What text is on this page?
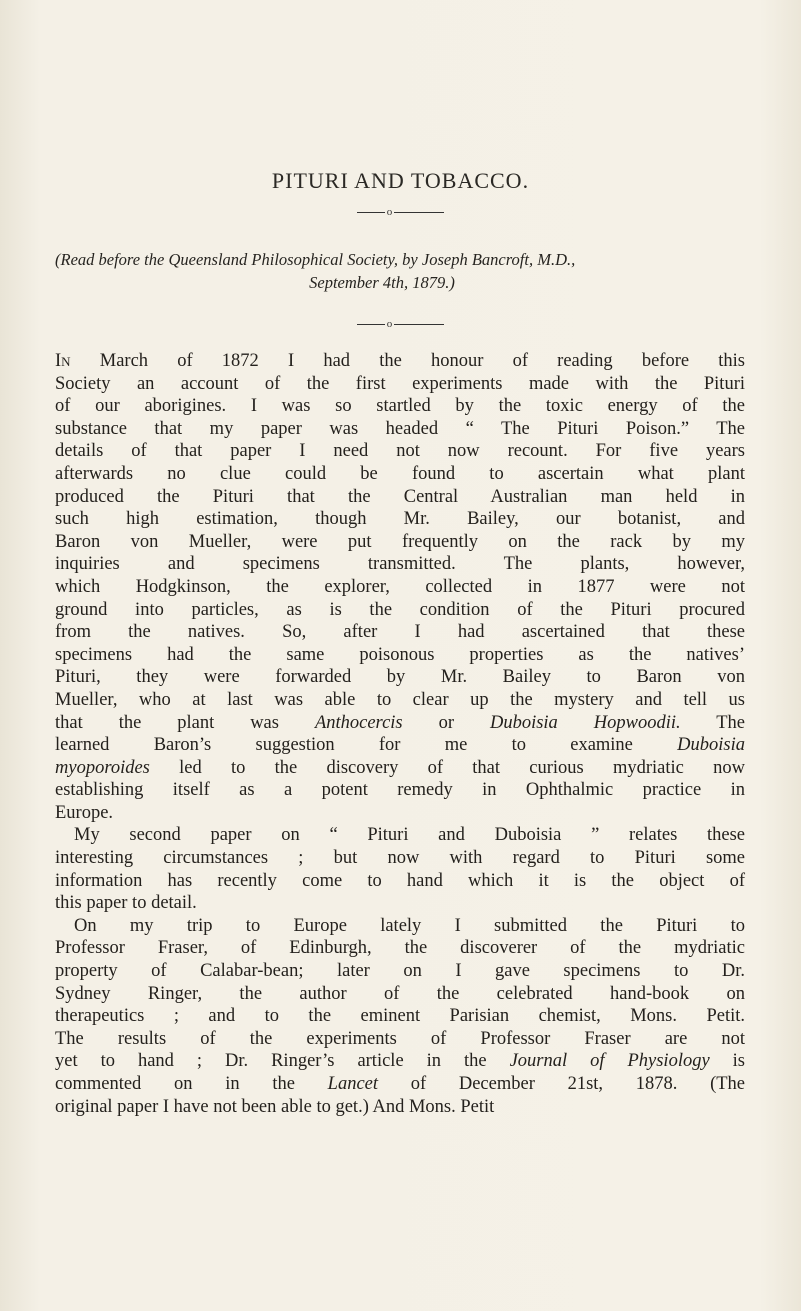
PITURI AND TOBACCO.
o
(Read before the Queensland Philosophical Society, by Joseph Bancroft, M.D.,
September 4th, 1879.)
o
In March of 1872 I had the honour of reading before this
Society an account of the first experiments made with the Pituri
of our aborigines. I was so startled by the toxic energy of the
substance that my paper was headed “ The Pituri Poison.” The
details of that paper I need not now recount. For five years
afterwards no clue could be found to ascertain what plant
produced the Pituri that the Central Australian man held in
such high estimation, though Mr. Bailey, our botanist, and
Baron von Mueller, were put frequently on the rack by my
inquiries and specimens transmitted. The plants, however,
which Hodgkinson, the explorer, collected in 1877 were not
ground into particles, as is the condition of the Pituri procured
from the natives. So, after I had ascertained that these
specimens had the same poisonous properties as the natives’
Pituri, they were forwarded by Mr. Bailey to Baron von
Mueller, who at last was able to clear up the mystery and tell us
that the plant was Anthocercis or Duboisia Hopwoodii. The
learned Baron’s suggestion for me to examine Duboisia
myoporoides led to the discovery of that curious mydriatic now
establishing itself as a potent remedy in Ophthalmic practice in
Europe.
My second paper on “ Pituri and Duboisia ” relates these
interesting circumstances ; but now with regard to Pituri some
information has recently come to hand which it is the object of
this paper to detail.
On my trip to Europe lately I submitted the Pituri to
Professor Fraser, of Edinburgh, the discoverer of the mydriatic
property of Calabar-bean; later on I gave specimens to Dr.
Sydney Ringer, the author of the celebrated hand-book on
therapeutics ; and to the eminent Parisian chemist, Mons. Petit.
The results of the experiments of Professor Fraser are not
yet to hand ; Dr. Ringer’s article in the Journal of Physiology is
commented on in the Lancet of December 21st, 1878. (The
original paper I have not been able to get.) And Mons. Petit
